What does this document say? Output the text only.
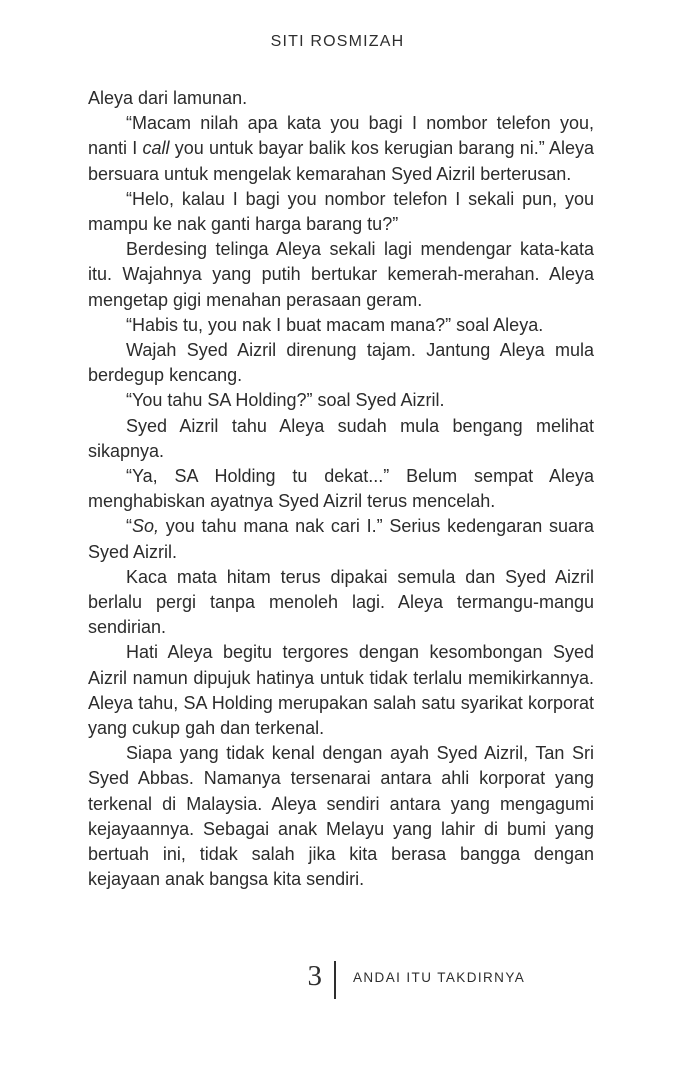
SITI ROSMIZAH

Aleya dari lamunan.

“Macam nilah apa kata you bagi I nombor telefon you, nanti I call you untuk bayar balik kos kerugian barang ni.” Aleya bersuara untuk mengelak kemarahan Syed Aizril berterusan.

“Helo, kalau I bagi you nombor telefon I sekali pun, you mampu ke nak ganti harga barang tu?”

Berdesing telinga Aleya sekali lagi mendengar kata-kata itu. Wajahnya yang putih bertukar kemerah-merahan. Aleya mengetap gigi menahan perasaan geram.

“Habis tu, you nak I buat macam mana?” soal Aleya.

Wajah Syed Aizril direnung tajam. Jantung Aleya mula berdegup kencang.

“You tahu SA Holding?” soal Syed Aizril.

Syed Aizril tahu Aleya sudah mula bengang melihat sikapnya.

“Ya, SA Holding tu dekat...” Belum sempat Aleya menghabiskan ayatnya Syed Aizril terus mencelah.

“So, you tahu mana nak cari I.” Serius kedengaran suara Syed Aizril.

Kaca mata hitam terus dipakai semula dan Syed Aizril berlalu pergi tanpa menoleh lagi. Aleya termangu-mangu sendirian.

Hati Aleya begitu tergores dengan kesombongan Syed Aizril namun dipujuk hatinya untuk tidak terlalu memikirkannya. Aleya tahu, SA Holding merupakan salah satu syarikat korporat yang cukup gah dan terkenal.

Siapa yang tidak kenal dengan ayah Syed Aizril, Tan Sri Syed Abbas. Namanya tersenarai antara ahli korporat yang terkenal di Malaysia. Aleya sendiri antara yang mengagumi kejayaannya. Sebagai anak Melayu yang lahir di bumi yang bertuah ini, tidak salah jika kita berasa bangga dengan kejayaan anak bangsa kita sendiri.

3 ANDAI ITU TAKDIRNYA
